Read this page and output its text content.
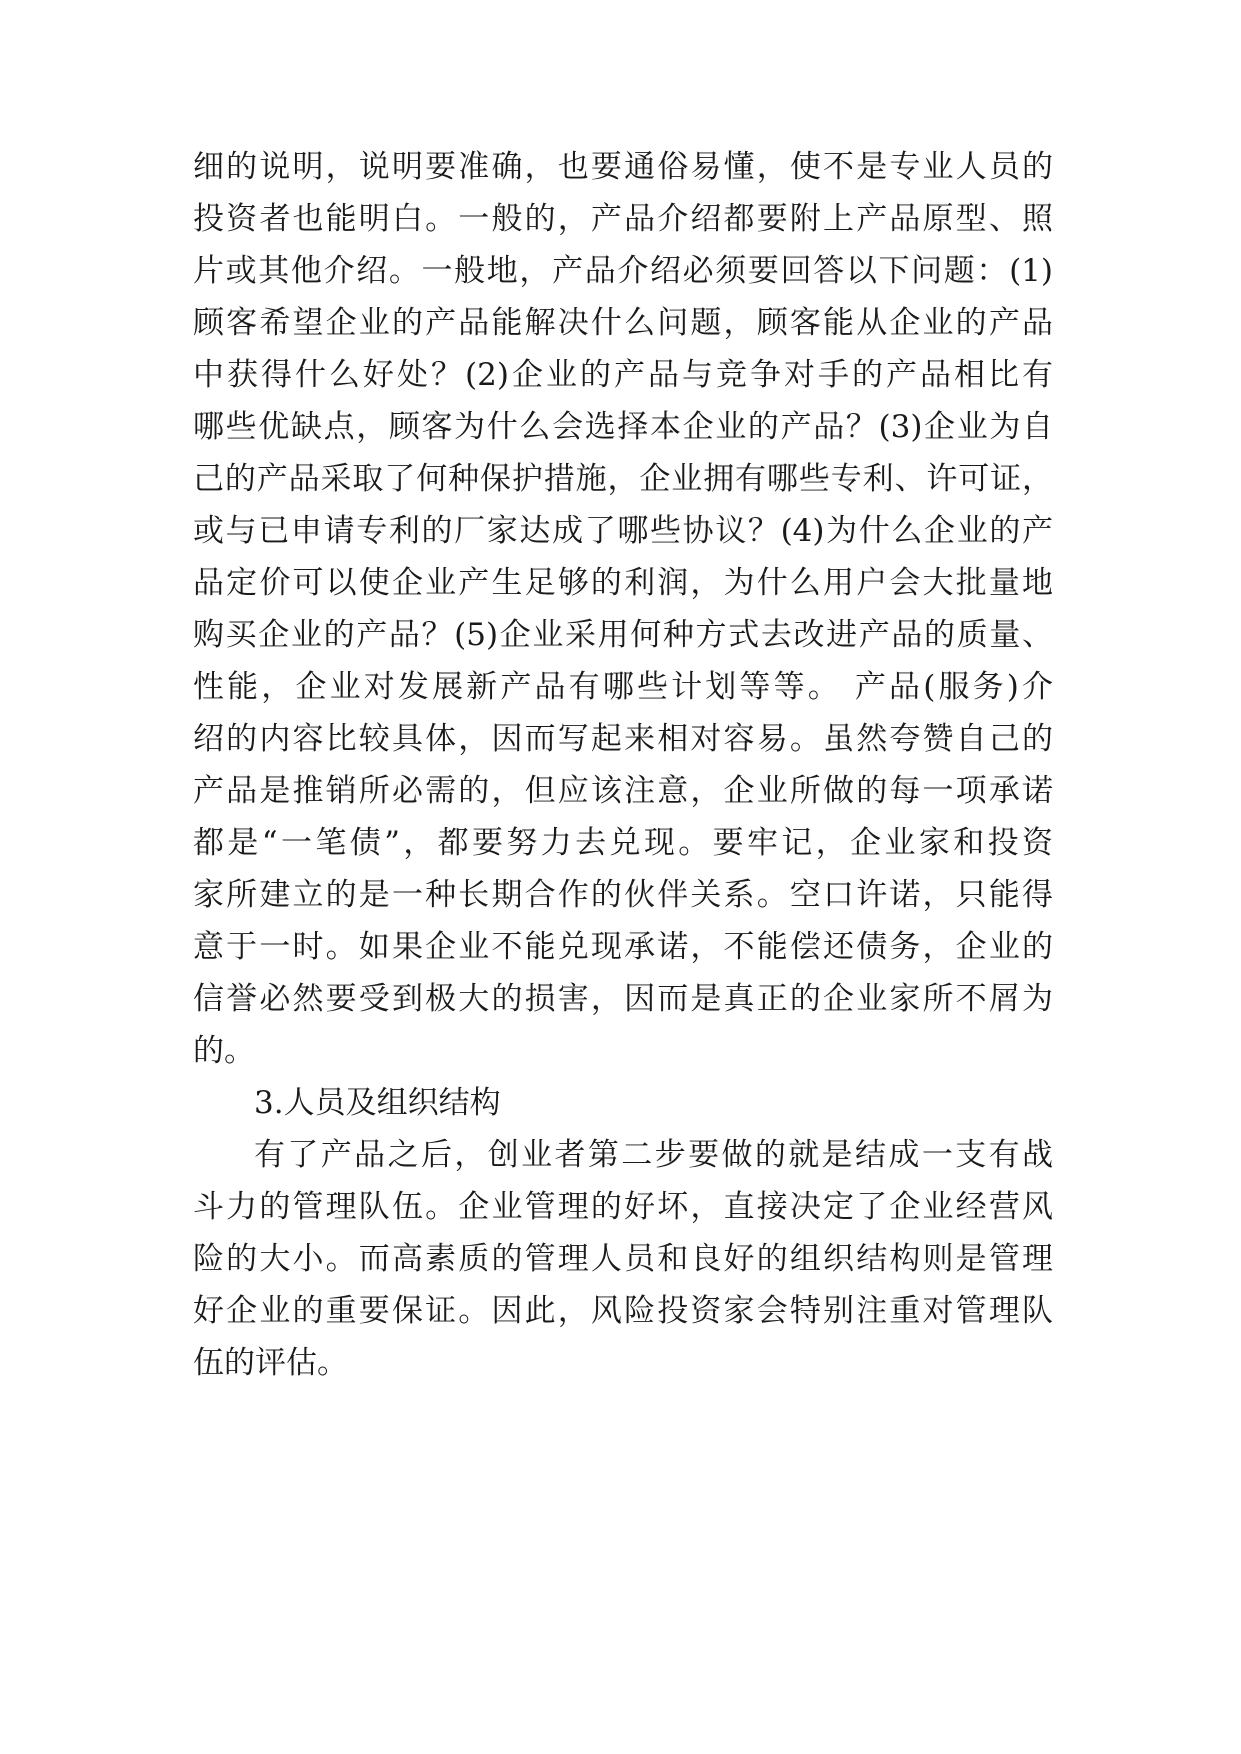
细的说明，说明要准确，也要通俗易懂，使不是专业人员的
投资者也能明白。一般的，产品介绍都要附上产品原型、照
片或其他介绍。一般地，产品介绍必须要回答以下问题：(1)
顾客希望企业的产品能解决什么问题，顾客能从企业的产品
中获得什么好处？(2)企业的产品与竞争对手的产品相比有
哪些优缺点，顾客为什么会选择本企业的产品？(3)企业为自
己的产品采取了何种保护措施，企业拥有哪些专利、许可证，
或与已申请专利的厂家达成了哪些协议？(4)为什么企业的产
品定价可以使企业产生足够的利润，为什么用户会大批量地
购买企业的产品？(5)企业采用何种方式去改进产品的质量、
性能，企业对发展新产品有哪些计划等等。 产品(服务)介
绍的内容比较具体，因而写起来相对容易。虽然夸赞自己的
产品是推销所必需的，但应该注意，企业所做的每一项承诺
都是“一笔债”，都要努力去兑现。要牢记，企业家和投资
家所建立的是一种长期合作的伙伴关系。空口许诺，只能得
意于一时。如果企业不能兑现承诺，不能偿还债务，企业的
信誉必然要受到极大的损害，因而是真正的企业家所不屑为
的。
3.人员及组织结构
有了产品之后，创业者第二步要做的就是结成一支有战
斗力的管理队伍。企业管理的好坏，直接决定了企业经营风
险的大小。而高素质的管理人员和良好的组织结构则是管理
好企业的重要保证。因此，风险投资家会特别注重对管理队
伍的评估。
